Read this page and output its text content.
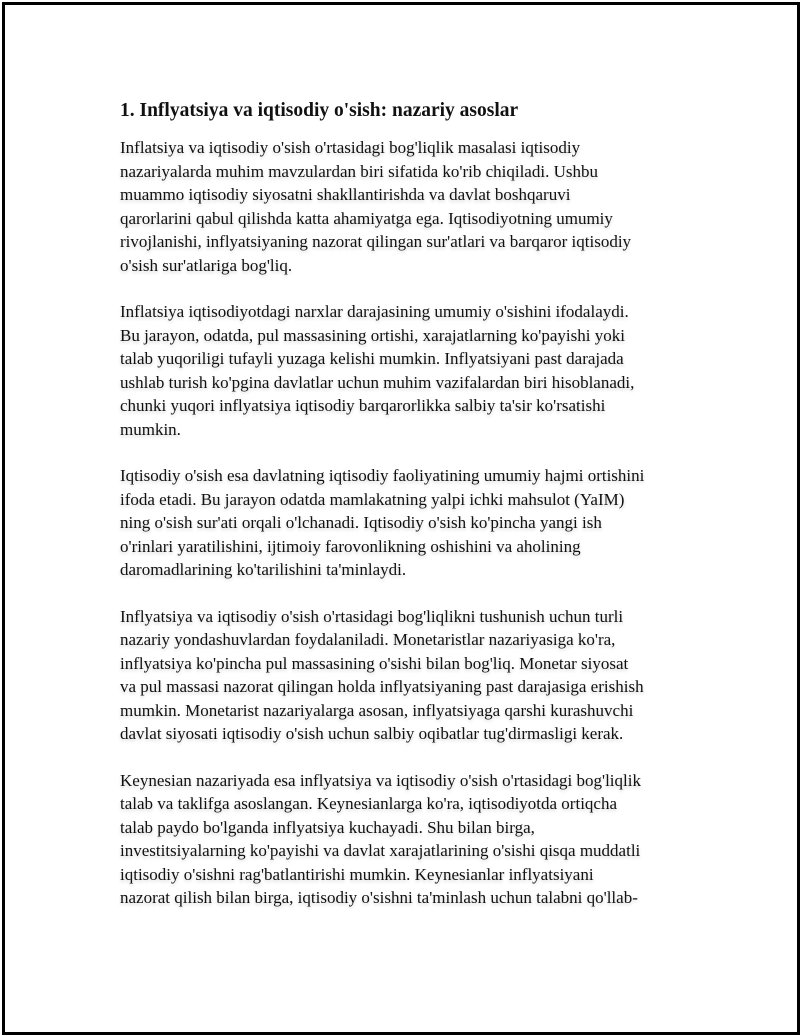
1. Inflyatsiya va iqtisodiy o'sish: nazariy asoslar

Inflatsiya va iqtisodiy o'sish o'rtasidagi bog'liqlik masalasi iqtisodiy
nazariyalarda muhim mavzulardan biri sifatida ko'rib chiqiladi. Ushbu
muammo iqtisodiy siyosatni shakllantirishda va davlat boshqaruvi
qarorlarini qabul qilishda katta ahamiyatga ega. Iqtisodiyotning umumiy
rivojlanishi, inflyatsiyaning nazorat qilingan sur'atlari va barqaror iqtisodiy
o'sish sur'atlariga bog'liq.

Inflatsiya iqtisodiyotdagi narxlar darajasining umumiy o'sishini ifodalaydi.
Bu jarayon, odatda, pul massasining ortishi, xarajatlarning ko'payishi yoki
talab yuqoriligi tufayli yuzaga kelishi mumkin. Inflyatsiyani past darajada
ushlab turish ko'pgina davlatlar uchun muhim vazifalardan biri hisoblanadi,
chunki yuqori inflyatsiya iqtisodiy barqarorlikka salbiy ta'sir ko'rsatishi
mumkin.

Iqtisodiy o'sish esa davlatning iqtisodiy faoliyatining umumiy hajmi ortishini
ifoda etadi. Bu jarayon odatda mamlakatning yalpi ichki mahsulot (YaIM)
ning o'sish sur'ati orqali o'lchanadi. Iqtisodiy o'sish ko'pincha yangi ish
o'rinlari yaratilishini, ijtimoiy farovonlikning oshishini va aholining
daromadlarining ko'tarilishini ta'minlaydi.

Inflyatsiya va iqtisodiy o'sish o'rtasidagi bog'liqlikni tushunish uchun turli
nazariy yondashuvlardan foydalaniladi. Monetaristlar nazariyasiga ko'ra,
inflyatsiya ko'pincha pul massasining o'sishi bilan bog'liq. Monetar siyosat
va pul massasi nazorat qilingan holda inflyatsiyaning past darajasiga erishish
mumkin. Monetarist nazariyalarga asosan, inflyatsiyaga qarshi kurashuvchi
davlat siyosati iqtisodiy o'sish uchun salbiy oqibatlar tug'dirmasligi kerak.

Keynesian nazariyada esa inflyatsiya va iqtisodiy o'sish o'rtasidagi bog'liqlik
talab va taklifga asoslangan. Keynesianlarga ko'ra, iqtisodiyotda ortiqcha
talab paydo bo'lganda inflyatsiya kuchayadi. Shu bilan birga,
investitsiyalarning ko'payishi va davlat xarajatlarining o'sishi qisqa muddatli
iqtisodiy o'sishni rag'batlantirishi mumkin. Keynesianlar inflyatsiyani
nazorat qilish bilan birga, iqtisodiy o'sishni ta'minlash uchun talabni qo'llab-
